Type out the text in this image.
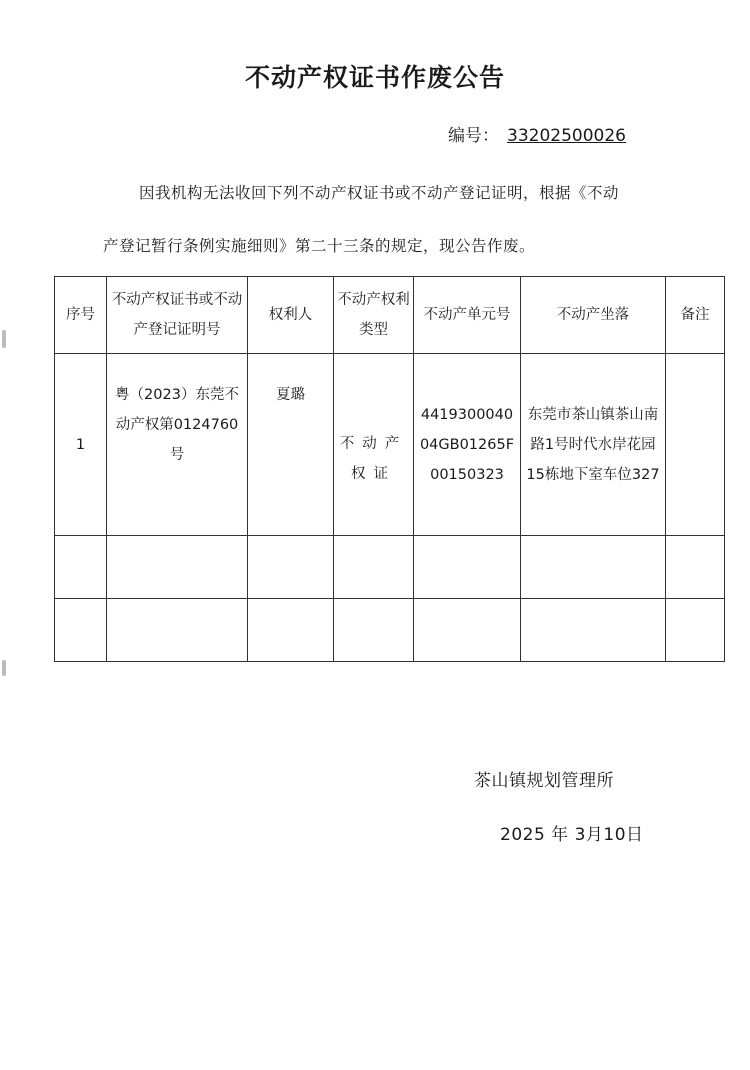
不动产权证书作废公告
编号： 33202500026
因我机构无法收回下列不动产权证书或不动产登记证明，根据《不动
产登记暂行条例实施细则》第二十三条的规定，现公告作废。
序号	不动产权证书或不动产登记证明号	权利人	不动产权利类型	不动产单元号	不动产坐落	备注
1	粤（2023）东莞不动产权第0124760号	夏璐	不动产权证	441930004004GB01265F00150323	东莞市茶山镇茶山南路1号时代水岸花园15栋地下室车位327	

茶山镇规划管理所
2025 年 3月10日
